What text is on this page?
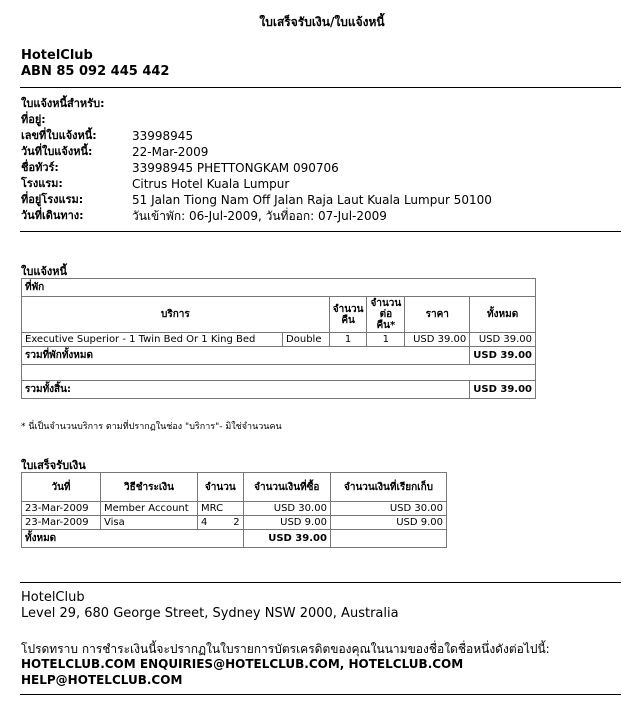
ใบเสร็จรับเงิน/ใบแจ้งหนี้
HotelClub
ABN 85 092 445 442
ใบแจ้งหนี้สำหรับ:	
ที่อยู่:	
เลขที่ใบแจ้งหนี้:	33998945
วันที่ใบแจ้งหนี้:	22-Mar-2009
ชื่อทัวร์:	33998945 PHETTONGKAM 090706
โรงแรม:	Citrus Hotel Kuala Lumpur
ที่อยู่โรงแรม:	51 Jalan Tiong Nam Off Jalan Raja Laut Kuala Lumpur 50100
วันที่เดินทาง:	วันเข้าพัก: 06-Jul-2009, วันที่ออก: 07-Jul-2009
ใบแจ้งหนี้
ที่พัก					
บริการ		จำนวนคืน	จำนวนต่อคืน*	ราคา	ทั้งหมด
Executive Superior - 1 Twin Bed Or 1 King Bed	Double	1	1	USD 39.00	USD 39.00
รวมที่พักทั้งหมด					USD 39.00

รวมทั้งสิ้น:					USD 39.00
* นี่เป็นจำนวนบริการ ตามที่ปรากฏในช่อง "บริการ"- มิใช่จำนวนคน
ใบเสร็จรับเงิน
วันที่	วิธีชำระเงิน	จำนวน		จำนวนเงินที่ซื้อ	จำนวนเงินที่เรียกเก็บ
23-Mar-2009	Member Account	MRC		USD 30.00	USD 30.00
23-Mar-2009	Visa	4	2	USD 9.00	USD 9.00
ทั้งหมด				USD 39.00	
HotelClub
Level 29, 680 George Street, Sydney NSW 2000, Australia
โปรดทราบ การชำระเงินนี้จะปรากฏในใบรายการบัตรเครดิตของคุณในนามของชื่อใดชื่อหนึ่งดังต่อไปนี้:
HOTELCLUB.COM ENQUIRIES@HOTELCLUB.COM, HOTELCLUB.COM
HELP@HOTELCLUB.COM
